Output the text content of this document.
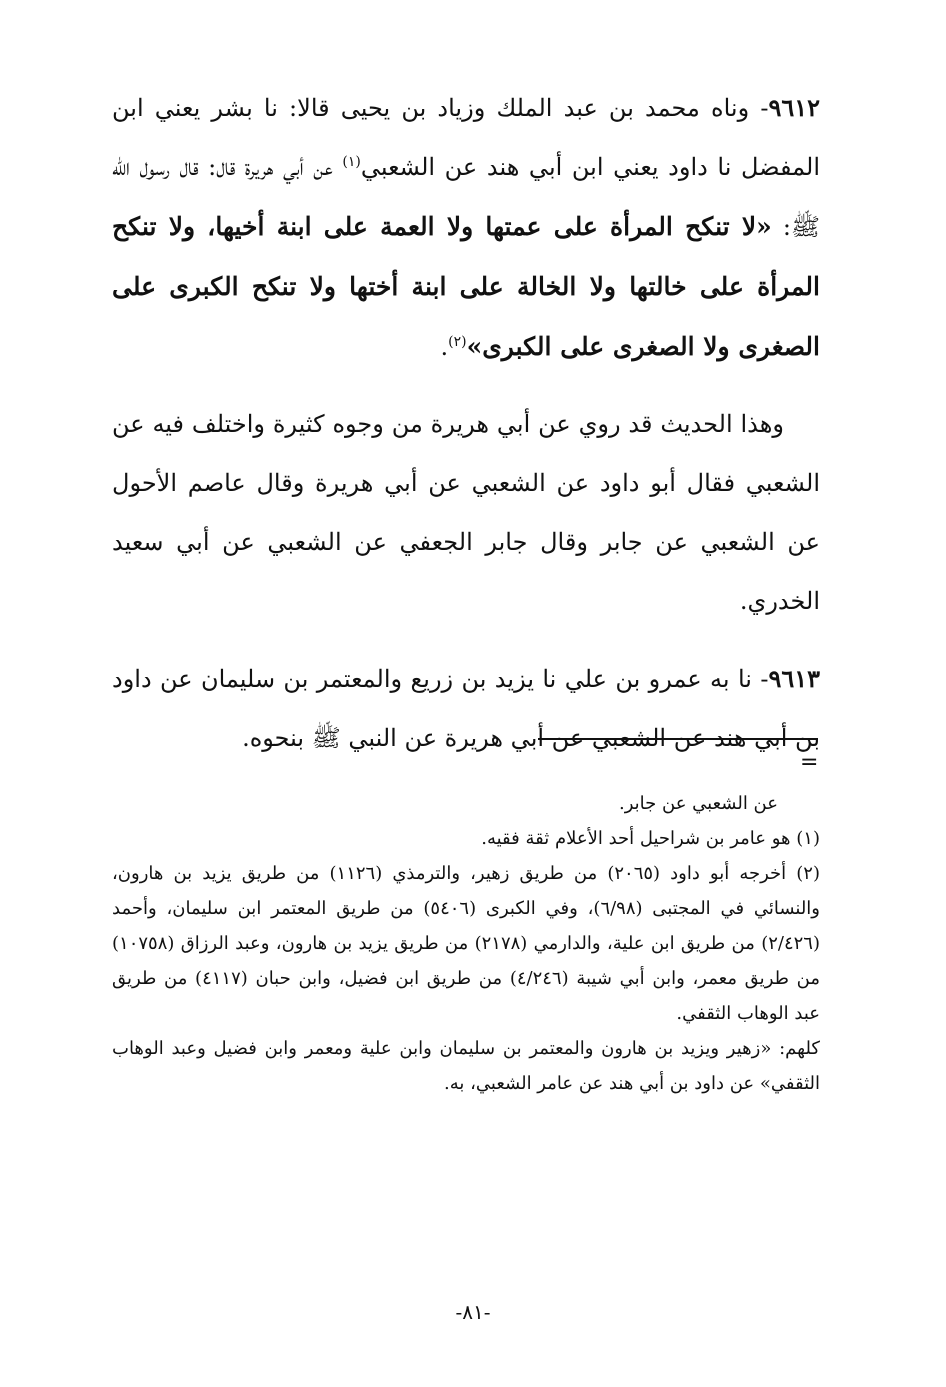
٩٦١٢- وناه محمد بن عبد الملك وزياد بن يحيى قالا: نا بشر يعني ابن المفضل نا داود يعني ابن أبي هند عن الشعبي$^{(١)}$ عن أبي هريرة قال: قال رسول الله ﷺ: «لا تنكح المرأة على عمتها ولا العمة على ابنة أخيها، ولا تنكح المرأة على خالتها ولا الخالة على ابنة أختها ولا تنكح الكبرى على الصغرى ولا الصغرى على الكبرى»$^{(٢)}$.

وهذا الحديث قد روي عن أبي هريرة من وجوه كثيرة واختلف فيه عن الشعبي فقال أبو داود عن الشعبي عن أبي هريرة وقال عاصم الأحول عن الشعبي عن جابر وقال جابر الجعفي عن الشعبي عن أبي سعيد الخدري.

٩٦١٣- نا به عمرو بن علي نا يزيد بن زريع والمعتمر بن سليمان عن داود بن أبي هند عن الشعبي عن أبي هريرة عن النبي ﷺ بنحوه.

=

عن الشعبي عن جابر.

(١) هو عامر بن شراحيل أحد الأعلام ثقة فقيه.

(٢) أخرجه أبو داود (٢٠٦٥) من طريق زهير، والترمذي (١١٢٦) من طريق يزيد بن هارون، والنسائي في المجتبى (٦/٩٨)، وفي الكبرى (٥٤٠٦) من طريق المعتمر ابن سليمان، وأحمد (٢/٤٢٦) من طريق ابن علية، والدارمي (٢١٧٨) من طريق يزيد بن هارون، وعبد الرزاق (١٠٧٥٨) من طريق معمر، وابن أبي شيبة (٤/٢٤٦) من طريق ابن فضيل، وابن حبان (٤١١٧) من طريق عبد الوهاب الثقفي.

كلهم: «زهير ويزيد بن هارون والمعتمر بن سليمان وابن علية ومعمر وابن فضيل وعبد الوهاب الثقفي» عن داود بن أبي هند عن عامر الشعبي، به.

-٨١-
